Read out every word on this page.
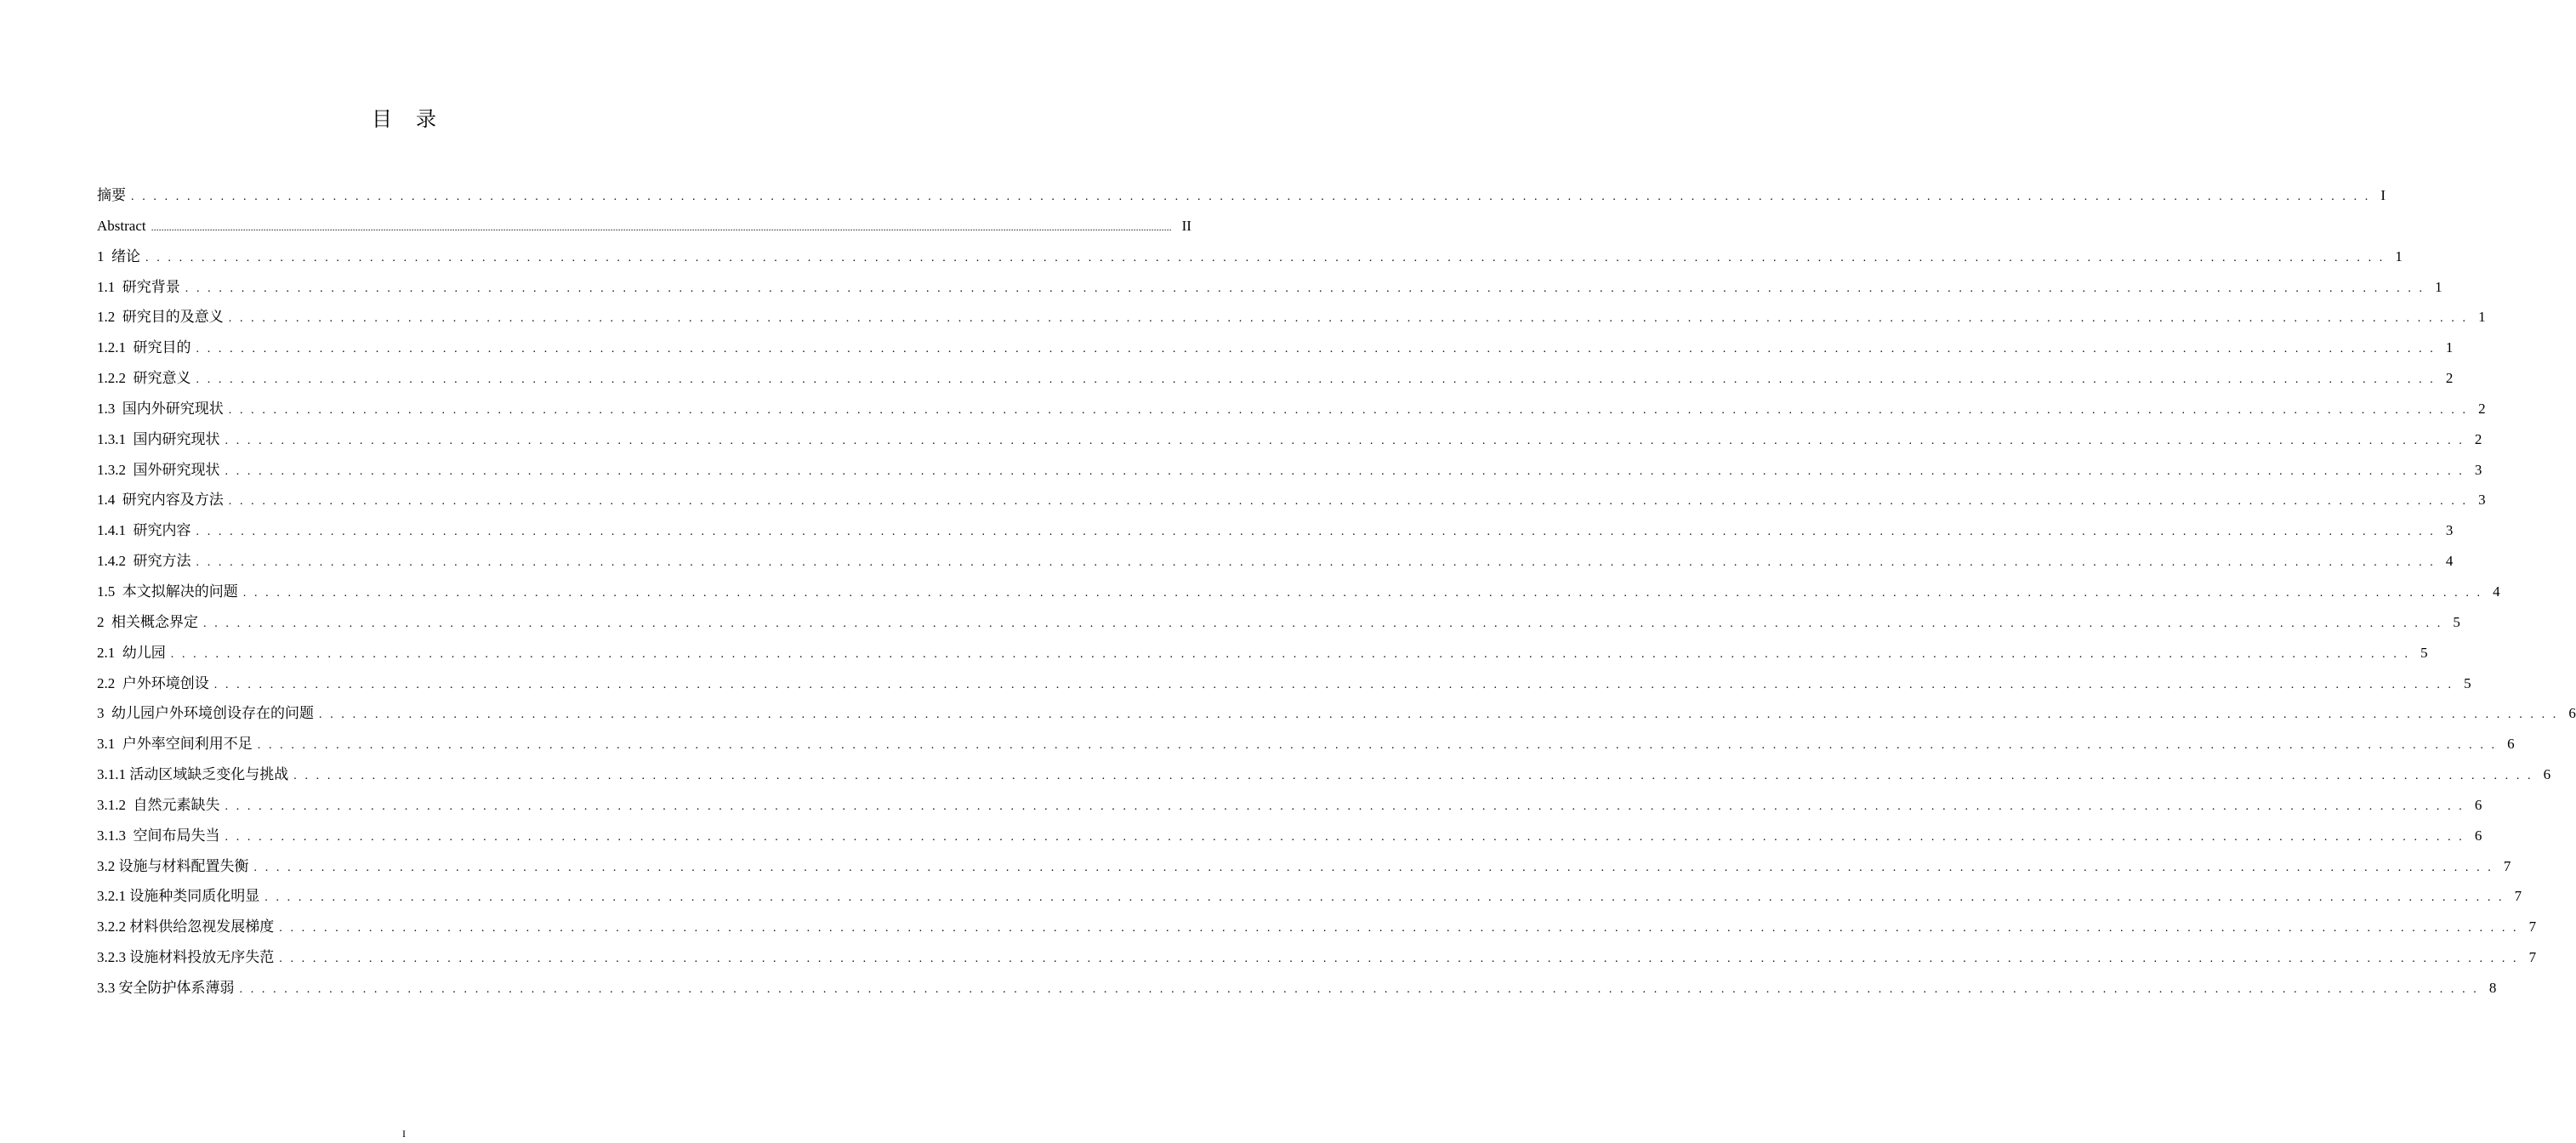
目录
摘要 . . . . . . . . . . . . . . . . . . . . . . . . . . . . . . . . . . . . . . . . . . . . . . . . . . . . . . . . . . . . . . . . . . . . . . . . . . . . . . . . . . . . . . . . . . . . . . . . . . . . . . . . . . . . . . . . . . . . . . . . . . . . . . . . . . . . . . . . . . . . . . . . . . . . . . . . . . . . . . . . . . . . . . . . . . . . . . . . . . . . . . . . . . . . . . . . . . . . . . . . I
Abstract ................................................................................................................................................................................................................................................................................................................................................................................................................ II
1  绪论 . . . . . . . . . . . . . . . . . . . . . . . . . . . . . . . . . . . . . . . . . . . . . . . . . . . . . . . . . . . . . . . . . . . . . . . . . . . . . . . . . . . . . . . . . . . . . . . . . . . . . . . . . . . . . . . . . . . . . . . . . . . . . . . . . . . . . . . . . . . . . . . . . . . . . . . . . . . . . . . . . . . . . . . . . . . . . . . . . . . . . . . . . . . . . . . . . . . . . . . . 1
1.1  研究背景 . . . . . . . . . . . . . . . . . . . . . . . . . . . . . . . . . . . . . . . . . . . . . . . . . . . . . . . . . . . . . . . . . . . . . . . . . . . . . . . . . . . . . . . . . . . . . . . . . . . . . . . . . . . . . . . . . . . . . . . . . . . . . . . . . . . . . . . . . . . . . . . . . . . . . . . . . . . . . . . . . . . . . . . . . . . . . . . . . . . . . . . . . . . . . . . . . . . . . . . . 1
1.2  研究目的及意义 . . . . . . . . . . . . . . . . . . . . . . . . . . . . . . . . . . . . . . . . . . . . . . . . . . . . . . . . . . . . . . . . . . . . . . . . . . . . . . . . . . . . . . . . . . . . . . . . . . . . . . . . . . . . . . . . . . . . . . . . . . . . . . . . . . . . . . . . . . . . . . . . . . . . . . . . . . . . . . . . . . . . . . . . . . . . . . . . . . . . . . . . . . . . . . . . . . . . . . . . 1
1.2.1  研究目的 . . . . . . . . . . . . . . . . . . . . . . . . . . . . . . . . . . . . . . . . . . . . . . . . . . . . . . . . . . . . . . . . . . . . . . . . . . . . . . . . . . . . . . . . . . . . . . . . . . . . . . . . . . . . . . . . . . . . . . . . . . . . . . . . . . . . . . . . . . . . . . . . . . . . . . . . . . . . . . . . . . . . . . . . . . . . . . . . . . . . . . . . . . . . . . . . . . . . . . . . 1
1.2.2  研究意义 . . . . . . . . . . . . . . . . . . . . . . . . . . . . . . . . . . . . . . . . . . . . . . . . . . . . . . . . . . . . . . . . . . . . . . . . . . . . . . . . . . . . . . . . . . . . . . . . . . . . . . . . . . . . . . . . . . . . . . . . . . . . . . . . . . . . . . . . . . . . . . . . . . . . . . . . . . . . . . . . . . . . . . . . . . . . . . . . . . . . . . . . . . . . . . . . . . . . . . . . 2
1.3  国内外研究现状 . . . . . . . . . . . . . . . . . . . . . . . . . . . . . . . . . . . . . . . . . . . . . . . . . . . . . . . . . . . . . . . . . . . . . . . . . . . . . . . . . . . . . . . . . . . . . . . . . . . . . . . . . . . . . . . . . . . . . . . . . . . . . . . . . . . . . . . . . . . . . . . . . . . . . . . . . . . . . . . . . . . . . . . . . . . . . . . . . . . . . . . . . . . . . . . . . . . . . . . . 2
1.3.1  国内研究现状 . . . . . . . . . . . . . . . . . . . . . . . . . . . . . . . . . . . . . . . . . . . . . . . . . . . . . . . . . . . . . . . . . . . . . . . . . . . . . . . . . . . . . . . . . . . . . . . . . . . . . . . . . . . . . . . . . . . . . . . . . . . . . . . . . . . . . . . . . . . . . . . . . . . . . . . . . . . . . . . . . . . . . . . . . . . . . . . . . . . . . . . . . . . . . . . . . . . . . . . . 2
1.3.2  国外研究现状 . . . . . . . . . . . . . . . . . . . . . . . . . . . . . . . . . . . . . . . . . . . . . . . . . . . . . . . . . . . . . . . . . . . . . . . . . . . . . . . . . . . . . . . . . . . . . . . . . . . . . . . . . . . . . . . . . . . . . . . . . . . . . . . . . . . . . . . . . . . . . . . . . . . . . . . . . . . . . . . . . . . . . . . . . . . . . . . . . . . . . . . . . . . . . . . . . . . . . . . . 3
1.4  研究内容及方法 . . . . . . . . . . . . . . . . . . . . . . . . . . . . . . . . . . . . . . . . . . . . . . . . . . . . . . . . . . . . . . . . . . . . . . . . . . . . . . . . . . . . . . . . . . . . . . . . . . . . . . . . . . . . . . . . . . . . . . . . . . . . . . . . . . . . . . . . . . . . . . . . . . . . . . . . . . . . . . . . . . . . . . . . . . . . . . . . . . . . . . . . . . . . . . . . . . . . . . . . 3
1.4.1  研究内容 . . . . . . . . . . . . . . . . . . . . . . . . . . . . . . . . . . . . . . . . . . . . . . . . . . . . . . . . . . . . . . . . . . . . . . . . . . . . . . . . . . . . . . . . . . . . . . . . . . . . . . . . . . . . . . . . . . . . . . . . . . . . . . . . . . . . . . . . . . . . . . . . . . . . . . . . . . . . . . . . . . . . . . . . . . . . . . . . . . . . . . . . . . . . . . . . . . . . . . . . 3
1.4.2  研究方法 . . . . . . . . . . . . . . . . . . . . . . . . . . . . . . . . . . . . . . . . . . . . . . . . . . . . . . . . . . . . . . . . . . . . . . . . . . . . . . . . . . . . . . . . . . . . . . . . . . . . . . . . . . . . . . . . . . . . . . . . . . . . . . . . . . . . . . . . . . . . . . . . . . . . . . . . . . . . . . . . . . . . . . . . . . . . . . . . . . . . . . . . . . . . . . . . . . . . . . . . 4
1.5  本文拟解决的问题 . . . . . . . . . . . . . . . . . . . . . . . . . . . . . . . . . . . . . . . . . . . . . . . . . . . . . . . . . . . . . . . . . . . . . . . . . . . . . . . . . . . . . . . . . . . . . . . . . . . . . . . . . . . . . . . . . . . . . . . . . . . . . . . . . . . . . . . . . . . . . . . . . . . . . . . . . . . . . . . . . . . . . . . . . . . . . . . . . . . . . . . . . . . . . . . . . . . . . . . . 4
2  相关概念界定 . . . . . . . . . . . . . . . . . . . . . . . . . . . . . . . . . . . . . . . . . . . . . . . . . . . . . . . . . . . . . . . . . . . . . . . . . . . . . . . . . . . . . . . . . . . . . . . . . . . . . . . . . . . . . . . . . . . . . . . . . . . . . . . . . . . . . . . . . . . . . . . . . . . . . . . . . . . . . . . . . . . . . . . . . . . . . . . . . . . . . . . . . . . . . . . . . . . . . . . . 5
2.1  幼儿园 . . . . . . . . . . . . . . . . . . . . . . . . . . . . . . . . . . . . . . . . . . . . . . . . . . . . . . . . . . . . . . . . . . . . . . . . . . . . . . . . . . . . . . . . . . . . . . . . . . . . . . . . . . . . . . . . . . . . . . . . . . . . . . . . . . . . . . . . . . . . . . . . . . . . . . . . . . . . . . . . . . . . . . . . . . . . . . . . . . . . . . . . . . . . . . . . . . . . . . . . 5
2.2  户外环境创设 . . . . . . . . . . . . . . . . . . . . . . . . . . . . . . . . . . . . . . . . . . . . . . . . . . . . . . . . . . . . . . . . . . . . . . . . . . . . . . . . . . . . . . . . . . . . . . . . . . . . . . . . . . . . . . . . . . . . . . . . . . . . . . . . . . . . . . . . . . . . . . . . . . . . . . . . . . . . . . . . . . . . . . . . . . . . . . . . . . . . . . . . . . . . . . . . . . . . . . . . 5
3  幼儿园户外环境创设存在的问题 . . . . . . . . . . . . . . . . . . . . . . . . . . . . . . . . . . . . . . . . . . . . . . . . . . . . . . . . . . . . . . . . . . . . . . . . . . . . . . . . . . . . . . . . . . . . . . . . . . . . . . . . . . . . . . . . . . . . . . . . . . . . . . . . . . . . . . . . . . . . . . . . . . . . . . . . . . . . . . . . . . . . . . . . . . . . . . . . . . . . . . . . . . . . . . . . . . . . . . . . 6
3.1  户外率空间利用不足 . . . . . . . . . . . . . . . . . . . . . . . . . . . . . . . . . . . . . . . . . . . . . . . . . . . . . . . . . . . . . . . . . . . . . . . . . . . . . . . . . . . . . . . . . . . . . . . . . . . . . . . . . . . . . . . . . . . . . . . . . . . . . . . . . . . . . . . . . . . . . . . . . . . . . . . . . . . . . . . . . . . . . . . . . . . . . . . . . . . . . . . . . . . . . . . . . . . . . . . . 6
3.1.1 活动区域缺乏变化与挑战 . . . . . . . . . . . . . . . . . . . . . . . . . . . . . . . . . . . . . . . . . . . . . . . . . . . . . . . . . . . . . . . . . . . . . . . . . . . . . . . . . . . . . . . . . . . . . . . . . . . . . . . . . . . . . . . . . . . . . . . . . . . . . . . . . . . . . . . . . . . . . . . . . . . . . . . . . . . . . . . . . . . . . . . . . . . . . . . . . . . . . . . . . . . . . . . . . . . . . . . . 6
3.1.2  自然元素缺失 . . . . . . . . . . . . . . . . . . . . . . . . . . . . . . . . . . . . . . . . . . . . . . . . . . . . . . . . . . . . . . . . . . . . . . . . . . . . . . . . . . . . . . . . . . . . . . . . . . . . . . . . . . . . . . . . . . . . . . . . . . . . . . . . . . . . . . . . . . . . . . . . . . . . . . . . . . . . . . . . . . . . . . . . . . . . . . . . . . . . . . . . . . . . . . . . . . . . . . . . 6
3.1.3  空间布局失当 . . . . . . . . . . . . . . . . . . . . . . . . . . . . . . . . . . . . . . . . . . . . . . . . . . . . . . . . . . . . . . . . . . . . . . . . . . . . . . . . . . . . . . . . . . . . . . . . . . . . . . . . . . . . . . . . . . . . . . . . . . . . . . . . . . . . . . . . . . . . . . . . . . . . . . . . . . . . . . . . . . . . . . . . . . . . . . . . . . . . . . . . . . . . . . . . . . . . . . . . 6
3.2 设施与材料配置失衡 . . . . . . . . . . . . . . . . . . . . . . . . . . . . . . . . . . . . . . . . . . . . . . . . . . . . . . . . . . . . . . . . . . . . . . . . . . . . . . . . . . . . . . . . . . . . . . . . . . . . . . . . . . . . . . . . . . . . . . . . . . . . . . . . . . . . . . . . . . . . . . . . . . . . . . . . . . . . . . . . . . . . . . . . . . . . . . . . . . . . . . . . . . . . . . . . . . . . . . . . 7
3.2.1 设施种类同质化明显 . . . . . . . . . . . . . . . . . . . . . . . . . . . . . . . . . . . . . . . . . . . . . . . . . . . . . . . . . . . . . . . . . . . . . . . . . . . . . . . . . . . . . . . . . . . . . . . . . . . . . . . . . . . . . . . . . . . . . . . . . . . . . . . . . . . . . . . . . . . . . . . . . . . . . . . . . . . . . . . . . . . . . . . . . . . . . . . . . . . . . . . . . . . . . . . . . . . . . . . . 7
3.2.2 材料供给忽视发展梯度 . . . . . . . . . . . . . . . . . . . . . . . . . . . . . . . . . . . . . . . . . . . . . . . . . . . . . . . . . . . . . . . . . . . . . . . . . . . . . . . . . . . . . . . . . . . . . . . . . . . . . . . . . . . . . . . . . . . . . . . . . . . . . . . . . . . . . . . . . . . . . . . . . . . . . . . . . . . . . . . . . . . . . . . . . . . . . . . . . . . . . . . . . . . . . . . . . . . . . . . . 7
3.2.3 设施材料投放无序失范 . . . . . . . . . . . . . . . . . . . . . . . . . . . . . . . . . . . . . . . . . . . . . . . . . . . . . . . . . . . . . . . . . . . . . . . . . . . . . . . . . . . . . . . . . . . . . . . . . . . . . . . . . . . . . . . . . . . . . . . . . . . . . . . . . . . . . . . . . . . . . . . . . . . . . . . . . . . . . . . . . . . . . . . . . . . . . . . . . . . . . . . . . . . . . . . . . . . . . . . . 7
3.3 安全防护体系薄弱 . . . . . . . . . . . . . . . . . . . . . . . . . . . . . . . . . . . . . . . . . . . . . . . . . . . . . . . . . . . . . . . . . . . . . . . . . . . . . . . . . . . . . . . . . . . . . . . . . . . . . . . . . . . . . . . . . . . . . . . . . . . . . . . . . . . . . . . . . . . . . . . . . . . . . . . . . . . . . . . . . . . . . . . . . . . . . . . . . . . . . . . . . . . . . . . . . . . . . . . . 8
I
